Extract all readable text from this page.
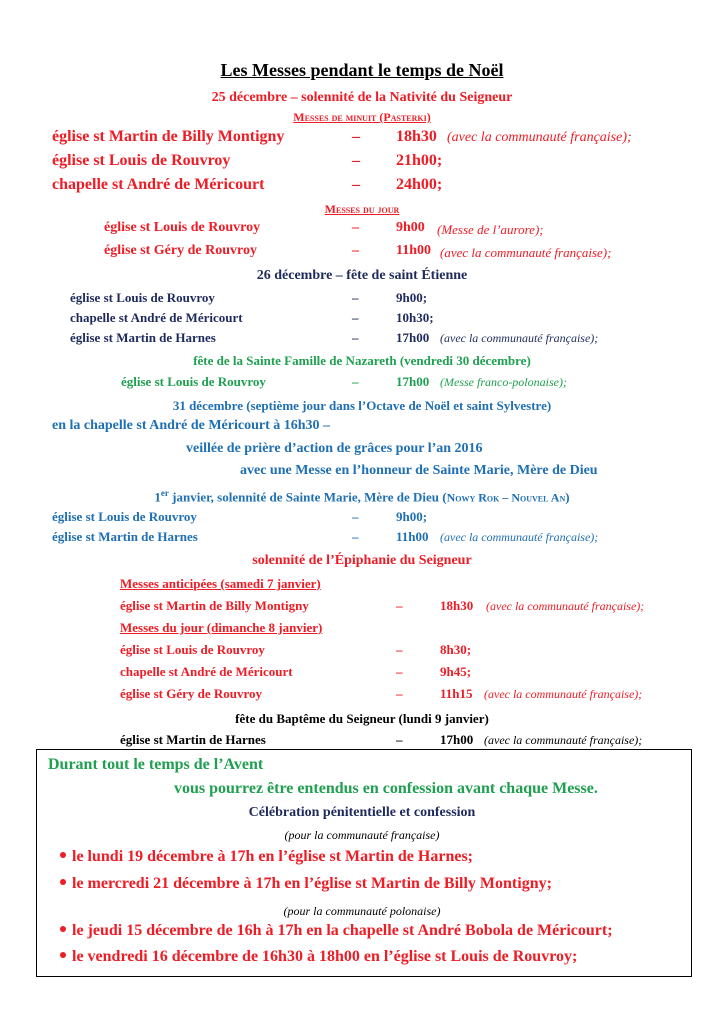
Les Messes pendant le temps de Noël
25 décembre – solennité de la Nativité du Seigneur
Messes de minuit (Pasterki)
église st Martin de Billy Montigny	– 18h30 (avec la communauté française);
église st Louis de Rouvroy	– 21h00;
chapelle st André de Méricourt	– 24h00;
Messes du jour
église st Louis de Rouvroy	–	9h00 (Messe de l’aurore);
église st Géry de Rouvroy	–	11h00 (avec la communauté française);
26 décembre – fête de saint Étienne
église st Louis de Rouvroy	–	9h00;
chapelle st André de Méricourt	–	10h30;
église st Martin de Harnes	–	17h00 (avec la communauté française);
fête de la Sainte Famille de Nazareth (vendredi 30 décembre)
église st Louis de Rouvroy	–	17h00 (Messe franco-polonaise);
31 décembre (septième jour dans l’Octave de Noël et saint Sylvestre)
en la chapelle st André de Méricourt à 16h30 –
veillée de prière d’action de grâces pour l’an 2016
avec une Messe en l’honneur de Sainte Marie, Mère de Dieu
1er janvier, solennité de Sainte Marie, Mère de Dieu (Nowy Rok – Nouvel An)
église st Louis de Rouvroy	–	9h00;
église st Martin de Harnes	–	11h00 (avec la communauté française);
solennité de l’Épiphanie du Seigneur
Messes anticipées (samedi 7 janvier)
église st Martin de Billy Montigny	–	18h30 (avec la communauté française);
Messes du jour (dimanche 8 janvier)
église st Louis de Rouvroy	–	8h30;
chapelle st André de Méricourt	–	9h45;
église st Géry de Rouvroy	–	11h15 (avec la communauté française);
fête du Baptême du Seigneur (lundi 9 janvier)
église st Martin de Harnes	–	17h00 (avec la communauté française);
Durant tout le temps de l’Avent
vous pourrez être entendus en confession avant chaque Messe.
Célébration pénitentielle et confession
(pour la communauté française)
le lundi 19 décembre à 17h en l’église st Martin de Harnes;
le mercredi 21 décembre à 17h en l’église st Martin de Billy Montigny;
(pour la communauté polonaise)
le jeudi 15 décembre de 16h à 17h en la chapelle st André Bobola de Méricourt;
le vendredi 16 décembre de 16h30 à 18h00 en l’église st Louis de Rouvroy;
